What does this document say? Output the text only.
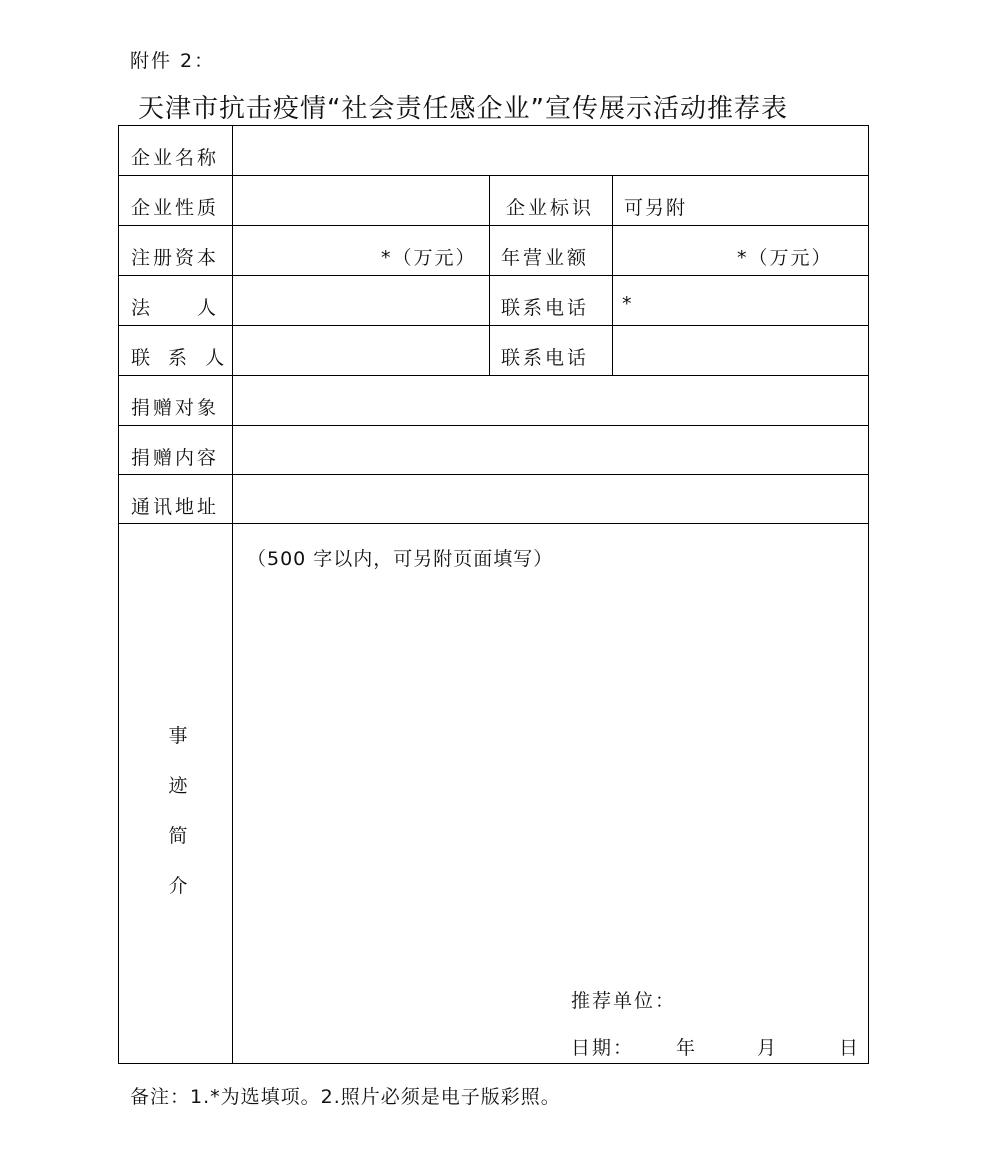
附件 2：
天津市抗击疫情“社会责任感企业”宣传展示活动推荐表
企业名称
企业性质	企业标识 可另附
注册资本	*（万元） 年营业额	*（万元）
法　　人	联系电话 *
联 系 人	联系电话
捐赠对象
捐赠内容
通讯地址
事
迹
简
介
（500 字以内，可另附页面填写）
推荐单位：
日期： 年	月	日
备注：1.*为选填项。2.照片必须是电子版彩照。
